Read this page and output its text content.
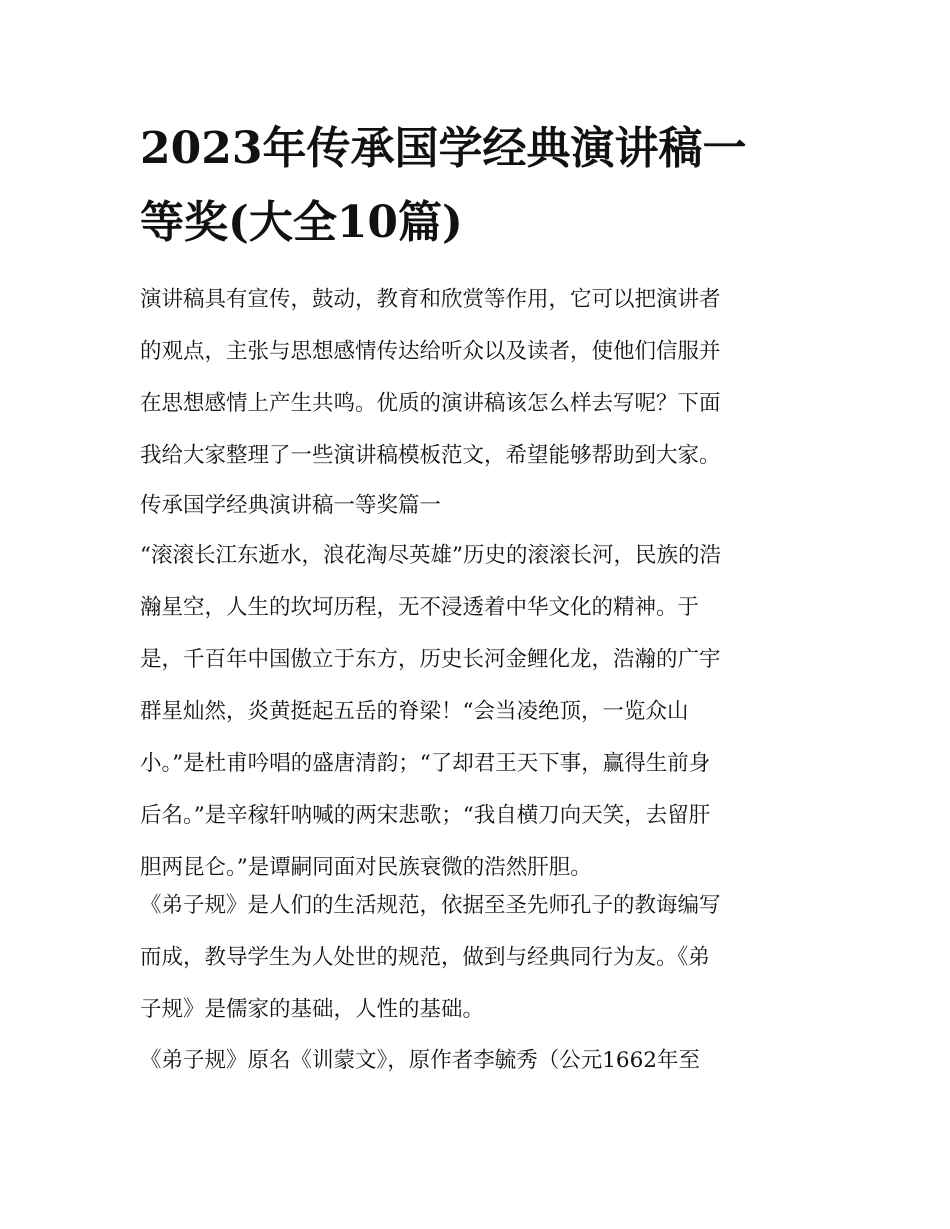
2023年传承国学经典演讲稿一
等奖(大全10篇)
演讲稿具有宣传，鼓动，教育和欣赏等作用，它可以把演讲者
的观点，主张与思想感情传达给听众以及读者，使他们信服并
在思想感情上产生共鸣。优质的演讲稿该怎么样去写呢？下面
我给大家整理了一些演讲稿模板范文，希望能够帮助到大家。
传承国学经典演讲稿一等奖篇一
“滚滚长江东逝水，浪花淘尽英雄”历史的滚滚长河，民族的浩
瀚星空，人生的坎坷历程，无不浸透着中华文化的精神。于
是，千百年中国傲立于东方，历史长河金鲤化龙，浩瀚的广宇
群星灿然，炎黄挺起五岳的脊梁！“会当凌绝顶，一览众山
小。”是杜甫吟唱的盛唐清韵；“了却君王天下事，赢得生前身
后名。”是辛稼轩呐喊的两宋悲歌；“我自横刀向天笑，去留肝
胆两昆仑。”是谭嗣同面对民族衰微的浩然肝胆。
《弟子规》是人们的生活规范，依据至圣先师孔子的教诲编写
而成，教导学生为人处世的规范，做到与经典同行为友。《弟
子规》是儒家的基础，人性的基础。
《弟子规》原名《训蒙文》，原作者李毓秀（公元1662年至
